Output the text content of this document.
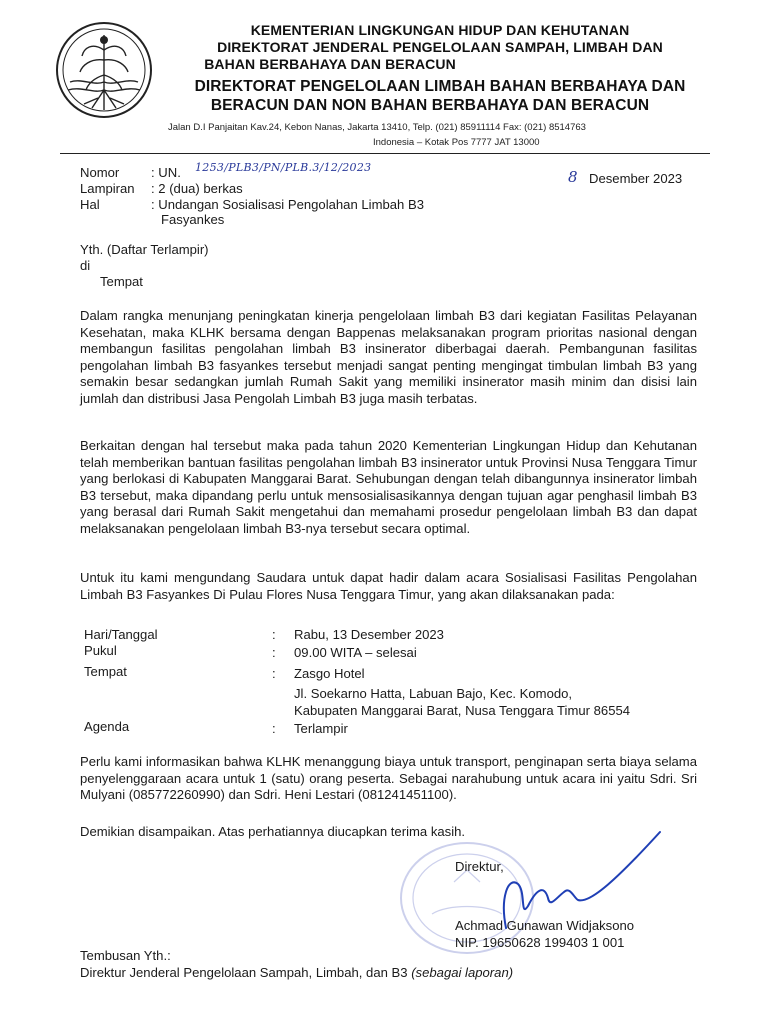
KEMENTERIAN LINGKUNGAN HIDUP DAN KEHUTANAN
DIREKTORAT JENDERAL PENGELOLAAN SAMPAH, LIMBAH DAN
BAHAN BERBAHAYA DAN BERACUN
DIREKTORAT PENGELOLAAN LIMBAH BAHAN BERBAHAYA DAN
BERACUN DAN NON BAHAN BERBAHAYA DAN BERACUN
Jalan D.I Panjaitan Kav.24, Kebon Nanas, Jakarta 13410, Telp. (021) 85911114 Fax: (021) 8514763
Indonesia – Kotak Pos 7777 JAT 13000
Nomor : UN. 1253/PLB3/PN/PLB.3/12/2023
Lampiran : 2 (dua) berkas
Hal	: Undangan Sosialisasi Pengolahan Limbah B3
Fasyankes
8 Desember 2023
Yth. (Daftar Terlampir)
di
Tempat
Dalam rangka menunjang peningkatan kinerja pengelolaan limbah B3 dari kegiatan Fasilitas Pelayanan Kesehatan, maka KLHK bersama dengan Bappenas melaksanakan program prioritas nasional dengan membangun fasilitas pengolahan limbah B3 insinerator diberbagai daerah. Pembangunan fasilitas pengolahan limbah B3 fasyankes tersebut menjadi sangat penting mengingat timbulan limbah B3 yang semakin besar sedangkan jumlah Rumah Sakit yang memiliki insinerator masih minim dan disisi lain jumlah dan distribusi Jasa Pengolah Limbah B3 juga masih terbatas.
Berkaitan dengan hal tersebut maka pada tahun 2020 Kementerian Lingkungan Hidup dan Kehutanan telah memberikan bantuan fasilitas pengolahan limbah B3 insinerator untuk Provinsi Nusa Tenggara Timur yang berlokasi di Kabupaten Manggarai Barat. Sehubungan dengan telah dibangunnya insinerator limbah B3 tersebut, maka dipandang perlu untuk mensosialisasikannya dengan tujuan agar penghasil limbah B3 yang berasal dari Rumah Sakit mengetahui dan memahami prosedur pengelolaan limbah B3 dan dapat melaksanakan pengelolaan limbah B3-nya tersebut secara optimal.
Untuk itu kami mengundang Saudara untuk dapat hadir dalam acara Sosialisasi Fasilitas Pengolahan Limbah B3 Fasyankes Di Pulau Flores Nusa Tenggara Timur, yang akan dilaksanakan pada:
Hari/Tanggal	: Rabu, 13 Desember 2023
Pukul	: 09.00 WITA – selesai
Tempat	: Zasgo Hotel
Jl. Soekarno Hatta, Labuan Bajo, Kec. Komodo,
Kabupaten Manggarai Barat, Nusa Tenggara Timur 86554
Agenda	: Terlampir
Perlu kami informasikan bahwa KLHK menanggung biaya untuk transport, penginapan serta biaya selama penyelenggaraan acara untuk 1 (satu) orang peserta. Sebagai narahubung untuk acara ini yaitu Sdri. Sri Mulyani (085772260990) dan Sdri. Heni Lestari (081241451100).
Demikian disampaikan. Atas perhatiannya diucapkan terima kasih.
Direktur,
Achmad Gunawan Widjaksono
NIP. 19650628 199403 1 001
Tembusan Yth.:
Direktur Jenderal Pengelolaan Sampah, Limbah, dan B3 (sebagai laporan)
